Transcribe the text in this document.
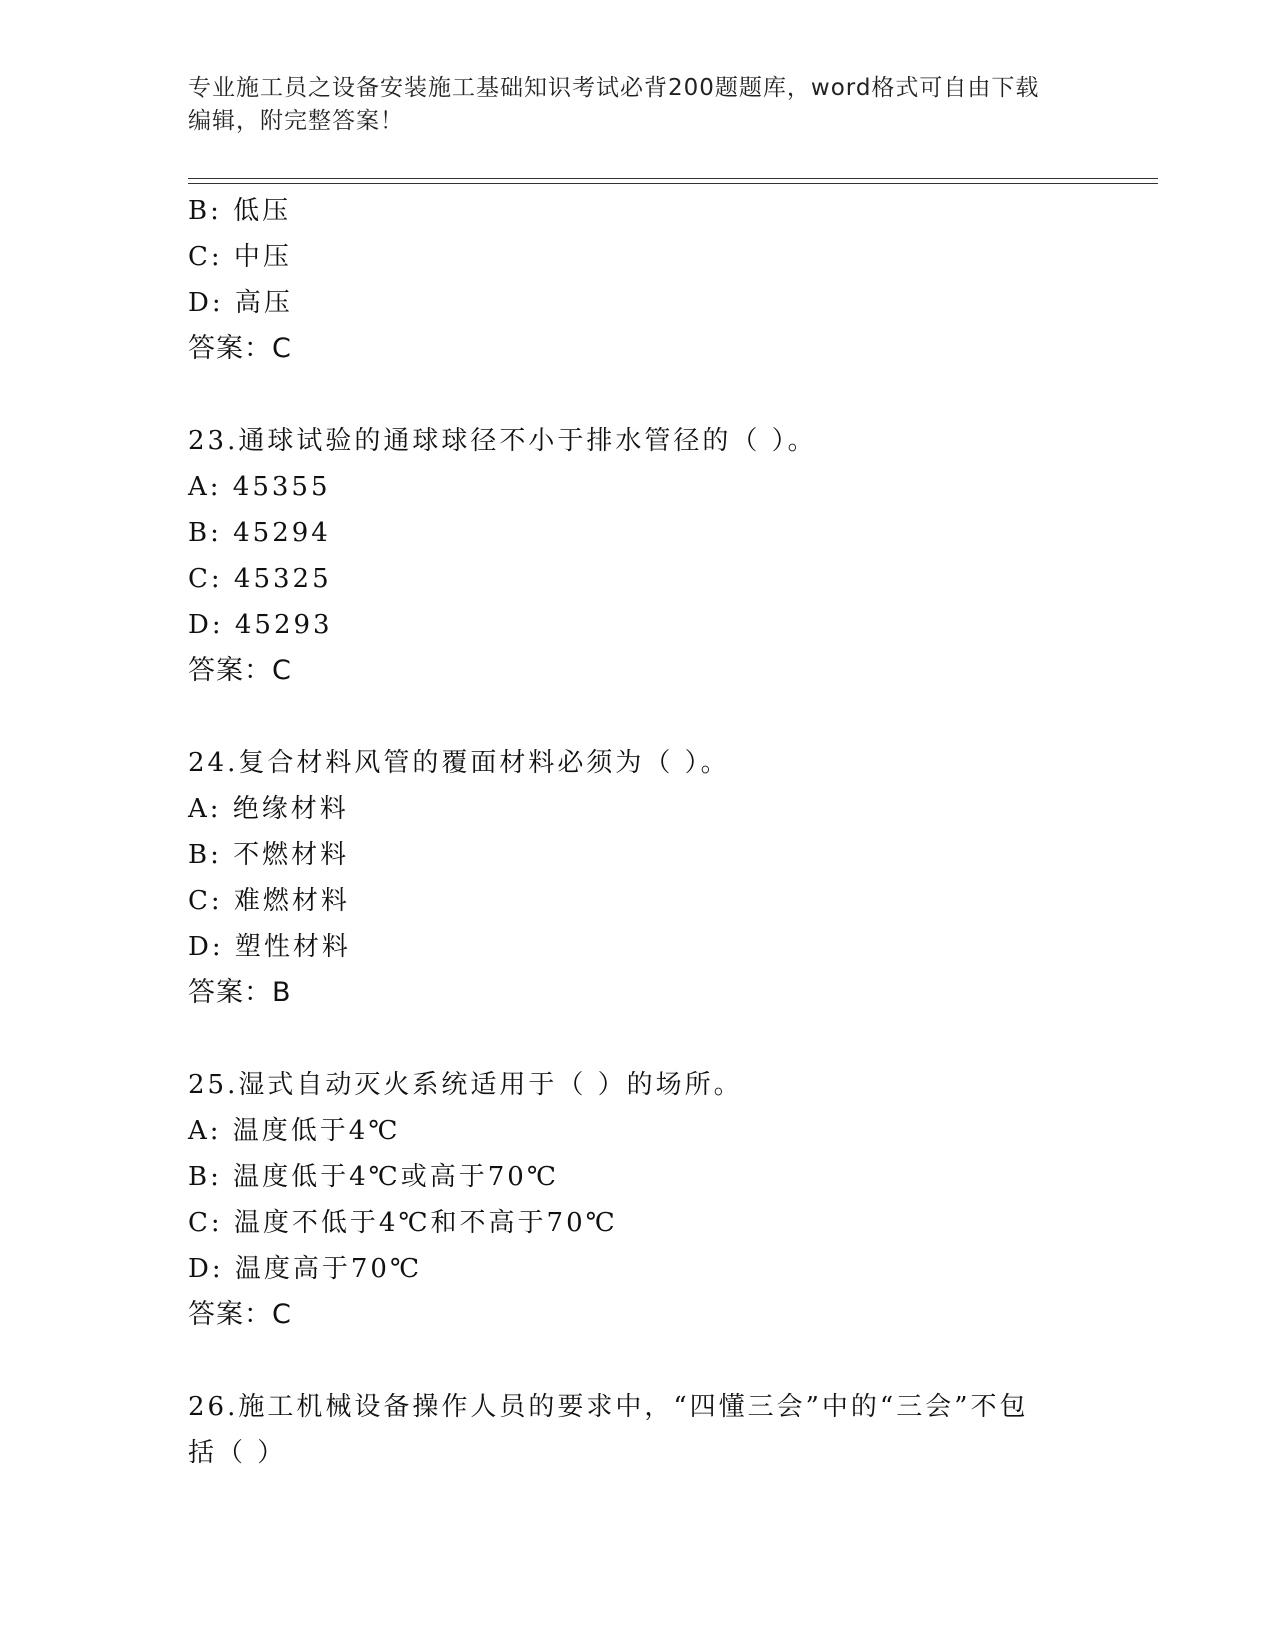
专业施工员之设备安装施工基础知识考试必背200题题库，word格式可自由下载
编辑，附完整答案！
B: 低压
C: 中压
D: 高压
答案：C
23.通球试验的通球球径不小于排水管径的（ ）。
A: 45355
B: 45294
C: 45325
D: 45293
答案：C
24.复合材料风管的覆面材料必须为（ ）。
A: 绝缘材料
B: 不燃材料
C: 难燃材料
D: 塑性材料
答案：B
25.湿式自动灭火系统适用于（ ）的场所。
A: 温度低于4℃
B: 温度低于4℃或高于70℃
C: 温度不低于4℃和不高于70℃
D: 温度高于70℃
答案：C
26.施工机械设备操作人员的要求中，“四懂三会”中的“三会”不包
括（ ）
